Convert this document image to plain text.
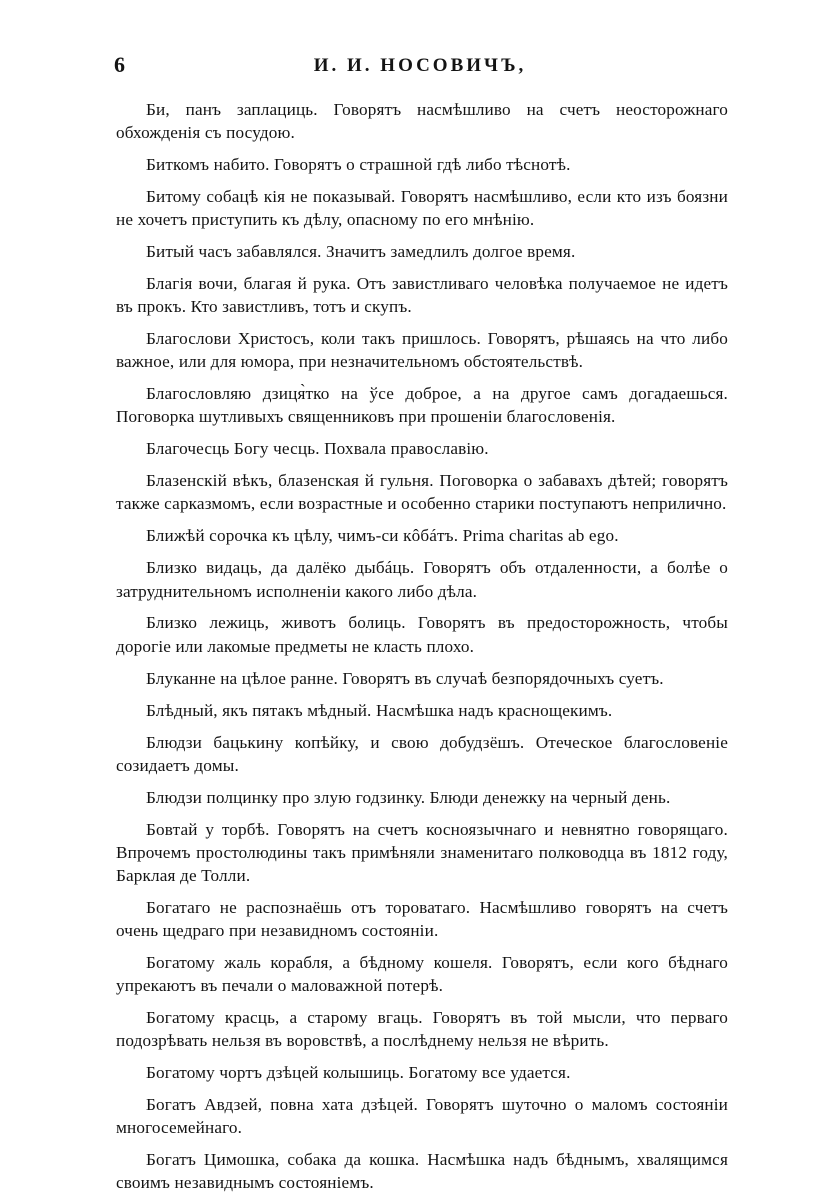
6	И. И. НОСОВИЧЪ,

Би, панъ заплациць. Говорятъ насмѣшливо на счетъ неосторожнаго обхожденія съ посудою.

Биткомъ набито. Говорятъ о страшной гдѣ либо тѣснотѣ.

Битому собацѣ кія не показывай. Говорятъ насмѣшливо, если кто изъ боязни не хочетъ приступить къ дѣлу, опасному по его мнѣнію.

Битый часъ забавлялся. Значитъ замедлилъ долгое время.

Благія вочи, благая й рука. Отъ завистливаго человѣка получаемое не идетъ въ прокъ. Кто завистливъ, тотъ и скупъ.

Благослови Христосъ, коли такъ пришлось. Говорятъ, рѣшаясь на что либо важное, или для юмора, при незначительномъ обстоятельствѣ.

Благословляю дзиця̀тко на ўсе доброе, а на другое самъ догадаешься. Поговорка шутливыхъ священниковъ при прошеніи благословенія.

Благочесць Богу чесць. Похвала православію.

Блазенскій вѣкъ, блазенская й гульня. Поговорка о забавахъ дѣтей; говорятъ также сарказмомъ, если возрастные и особенно старики поступаютъ неприлично.

Ближѣй сорочка къ цѣлу, чимъ-си кôбáтъ. Prima charitas ab ego.

Близко видаць, да далёко дыбáць. Говорятъ объ отдаленности, а болѣе о затруднительномъ исполненіи какого либо дѣла.

Близко лежиць, животъ болиць. Говорятъ въ предосторожность, чтобы дорогіе или лакомые предметы не класть плохо.

Блуканне на цѣлое ранне. Говорятъ въ случаѣ безпорядочныхъ суетъ.

Блѣдный, якъ пятакъ мѣдный. Насмѣшка надъ краснощекимъ.

Блюдзи бацькину копѣйку, и свою добудзёшъ. Отеческое благословеніе созидаетъ домы.

Блюдзи полцинку про злую годзинку. Блюди денежку на черный день.

Бовтай у торбѣ. Говорятъ на счетъ косноязычнаго и невнятно говорящаго. Впрочемъ простолюдины такъ примѣняли знаменитаго полководца въ 1812 году, Барклая де Толли.

Богатаго не распознаёшь отъ тороватаго. Насмѣшливо говорятъ на счетъ очень щедраго при незавидномъ состояніи.

Богатому жаль корабля, а бѣдному кошеля. Говорятъ, если кого бѣднаго упрекаютъ въ печали о маловажной потерѣ.

Богатому красць, а старому вгаць. Говорятъ въ той мысли, что перваго подозрѣвать нельзя въ воровствѣ, а послѣднему нельзя не вѣрить.

Богатому чортъ дзѣцей колышиць. Богатому все удается.

Богатъ Авдзей, повна хата дзѣцей. Говорятъ шуточно о маломъ состояніи многосемейнаго.

Богатъ Цимошка, собака да кошка. Насмѣшка надъ бѣднымъ, хвалящимся своимъ незавиднымъ состояніемъ.
